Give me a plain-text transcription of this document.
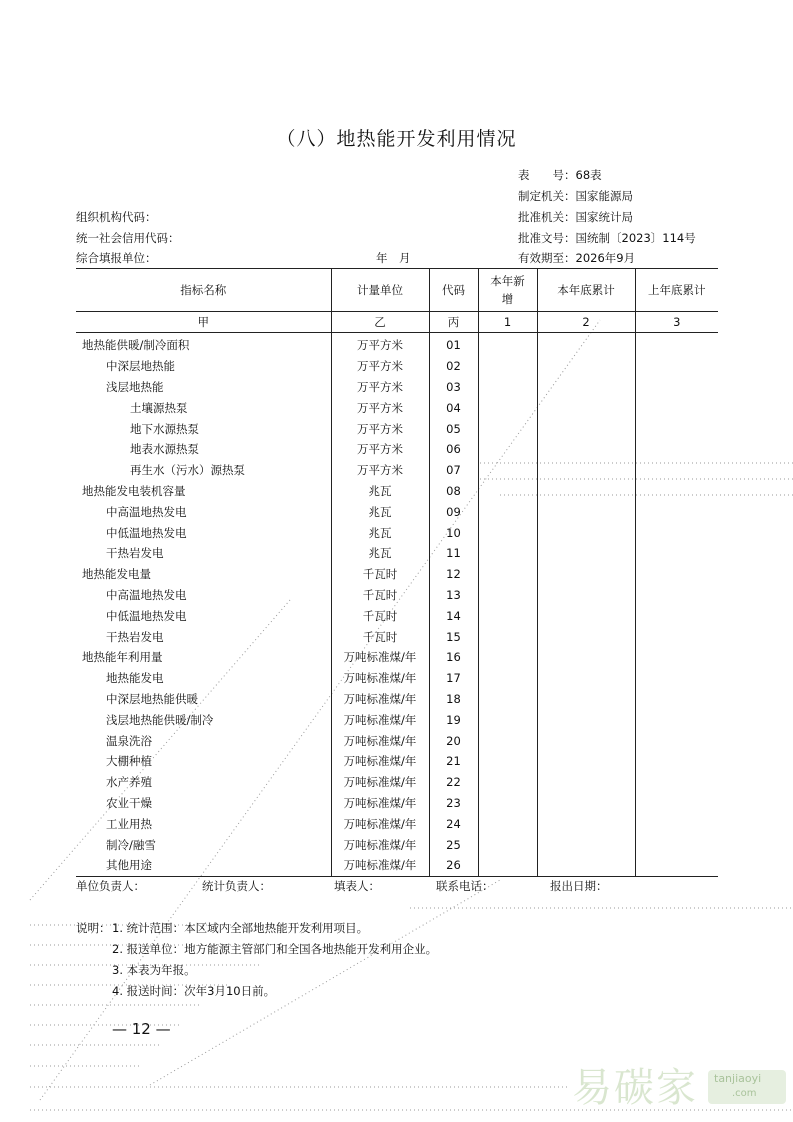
（八）地热能开发利用情况
表　　号：68表
制定机关：国家能源局
批准机关：国家统计局
批准文号：国统制〔2023〕114号
有效期至：2026年9月
组织机构代码：
统一社会信用代码：
综合填报单位：	年　月
指标名称	计量单位	代码	本年新增	本年底累计	上年底累计
甲	乙	丙	1	2	3
地热能供暖/制冷面积	万平方米	01			
中深层地热能	万平方米	02			
浅层地热能	万平方米	03			
土壤源热泵	万平方米	04			
地下水源热泵	万平方米	05			
地表水源热泵	万平方米	06			
再生水（污水）源热泵	万平方米	07			
地热能发电装机容量	兆瓦	08			
中高温地热发电	兆瓦	09			
中低温地热发电	兆瓦	10			
干热岩发电	兆瓦	11			
地热能发电量	千瓦时	12			
中高温地热发电	千瓦时	13			
中低温地热发电	千瓦时	14			
干热岩发电	千瓦时	15			
地热能年利用量	万吨标准煤/年	16			
地热能发电	万吨标准煤/年	17			
中深层地热能供暖	万吨标准煤/年	18			
浅层地热能供暖/制冷	万吨标准煤/年	19			
温泉洗浴	万吨标准煤/年	20			
大棚种植	万吨标准煤/年	21			
水产养殖	万吨标准煤/年	22			
农业干燥	万吨标准煤/年	23			
工业用热	万吨标准煤/年	24			
制冷/融雪	万吨标准煤/年	25			
其他用途	万吨标准煤/年	26			
单位负责人：	统计负责人：	填表人：	联系电话：	报出日期：
说明： 1. 统计范围：本区域内全部地热能开发利用项目。
2. 报送单位：地方能源主管部门和全国各地热能开发利用企业。
3. 本表为年报。
4. 报送时间：次年3月10日前。
— 12 —
易碳家 tanjiaoyi
.com
